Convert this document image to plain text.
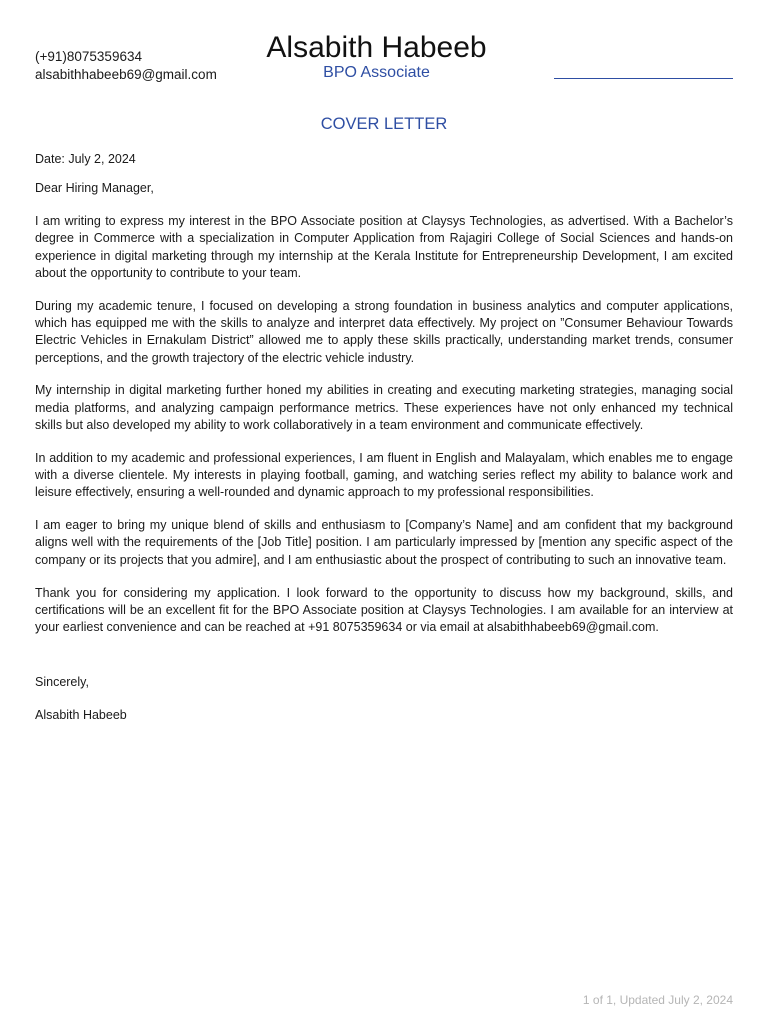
(+91)8075359634
alsabithhabeeb69@gmail.com
Alsabith Habeeb
BPO Associate
COVER LETTER
Date: July 2, 2024
Dear Hiring Manager,

I am writing to express my interest in the BPO Associate position at Claysys Technologies, as advertised. With a Bachelor’s degree in Commerce with a specialization in Computer Application from Rajagiri College of Social Sciences and hands-on experience in digital marketing through my internship at the Kerala Institute for Entrepreneurship Development, I am excited about the opportunity to contribute to your team.

During my academic tenure, I focused on developing a strong foundation in business analytics and computer applications, which has equipped me with the skills to analyze and interpret data effectively. My project on ”Consumer Behaviour Towards Electric Vehicles in Ernakulam District” allowed me to apply these skills practically, understanding market trends, consumer perceptions, and the growth trajectory of the electric vehicle industry.

My internship in digital marketing further honed my abilities in creating and executing marketing strategies, managing social media platforms, and analyzing campaign performance metrics. These experiences have not only enhanced my technical skills but also developed my ability to work collaboratively in a team environment and communicate effectively.

In addition to my academic and professional experiences, I am fluent in English and Malayalam, which enables me to engage with a diverse clientele. My interests in playing football, gaming, and watching series reflect my ability to balance work and leisure effectively, ensuring a well-rounded and dynamic approach to my professional responsibilities.

I am eager to bring my unique blend of skills and enthusiasm to [Company’s Name] and am confident that my background aligns well with the requirements of the [Job Title] position. I am particularly impressed by [mention any specific aspect of the company or its projects that you admire], and I am enthusiastic about the prospect of contributing to such an innovative team.

Thank you for considering my application. I look forward to the opportunity to discuss how my background, skills, and certifications will be an excellent fit for the BPO Associate position at Claysys Technologies. I am available for an interview at your earliest convenience and can be reached at +91 8075359634 or via email at alsabithhabeeb69@gmail.com.

Sincerely,
Alsabith Habeeb
1 of 1, Updated July 2, 2024
